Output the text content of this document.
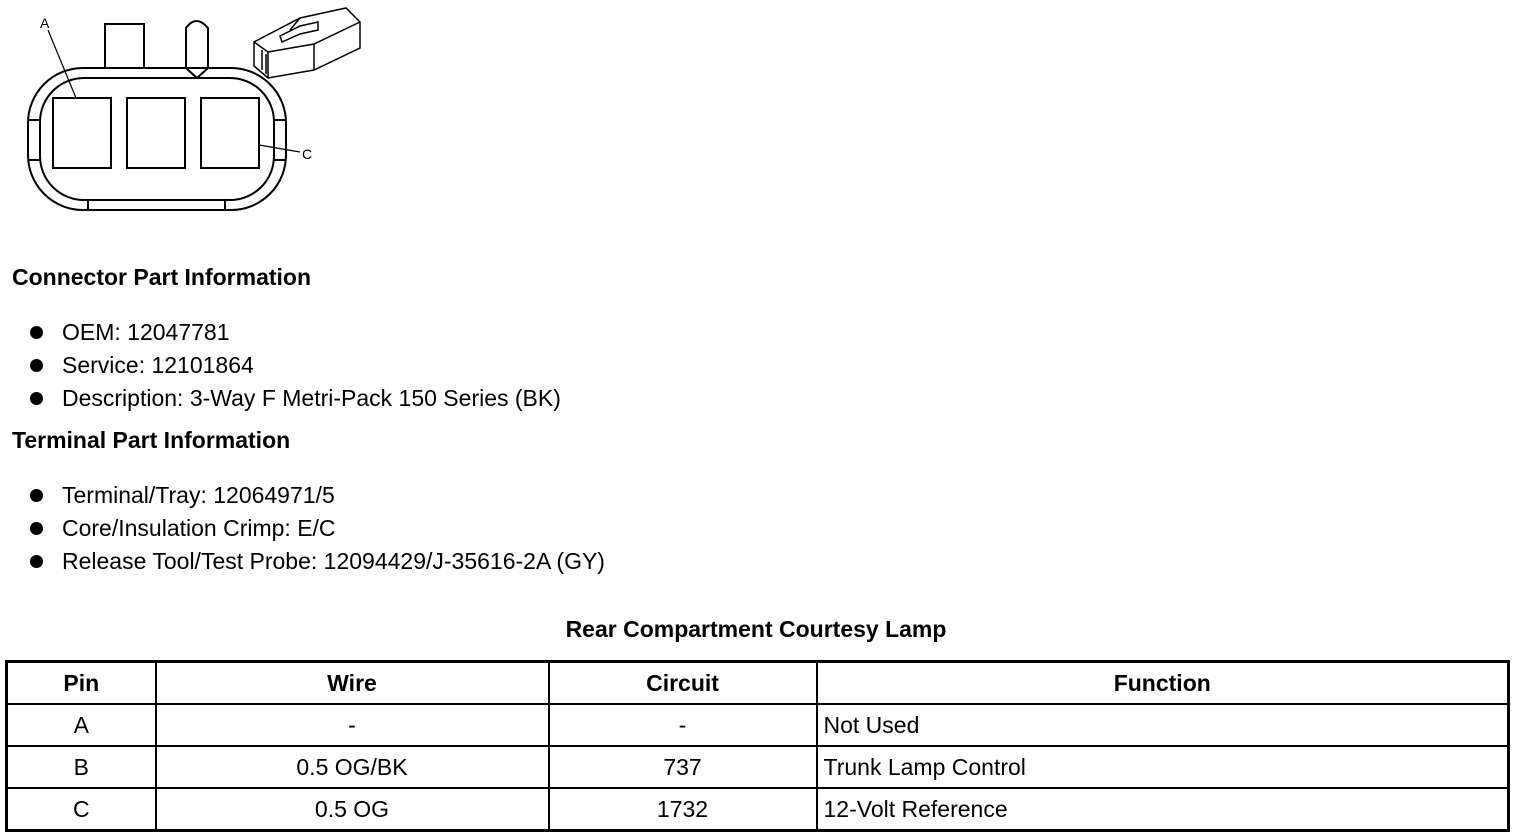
A
C
Connector Part Information
OEM: 12047781
Service: 12101864
Description: 3-Way F Metri-Pack 150 Series (BK)
Terminal Part Information
Terminal/Tray: 12064971/5
Core/Insulation Crimp: E/C
Release Tool/Test Probe: 12094429/J-35616-2A (GY)
Rear Compartment Courtesy Lamp
Pin	Wire	Circuit	Function
A	-	-	Not Used
B	0.5 OG/BK	737	Trunk Lamp Control
C	0.5 OG	1732	12-Volt Reference
